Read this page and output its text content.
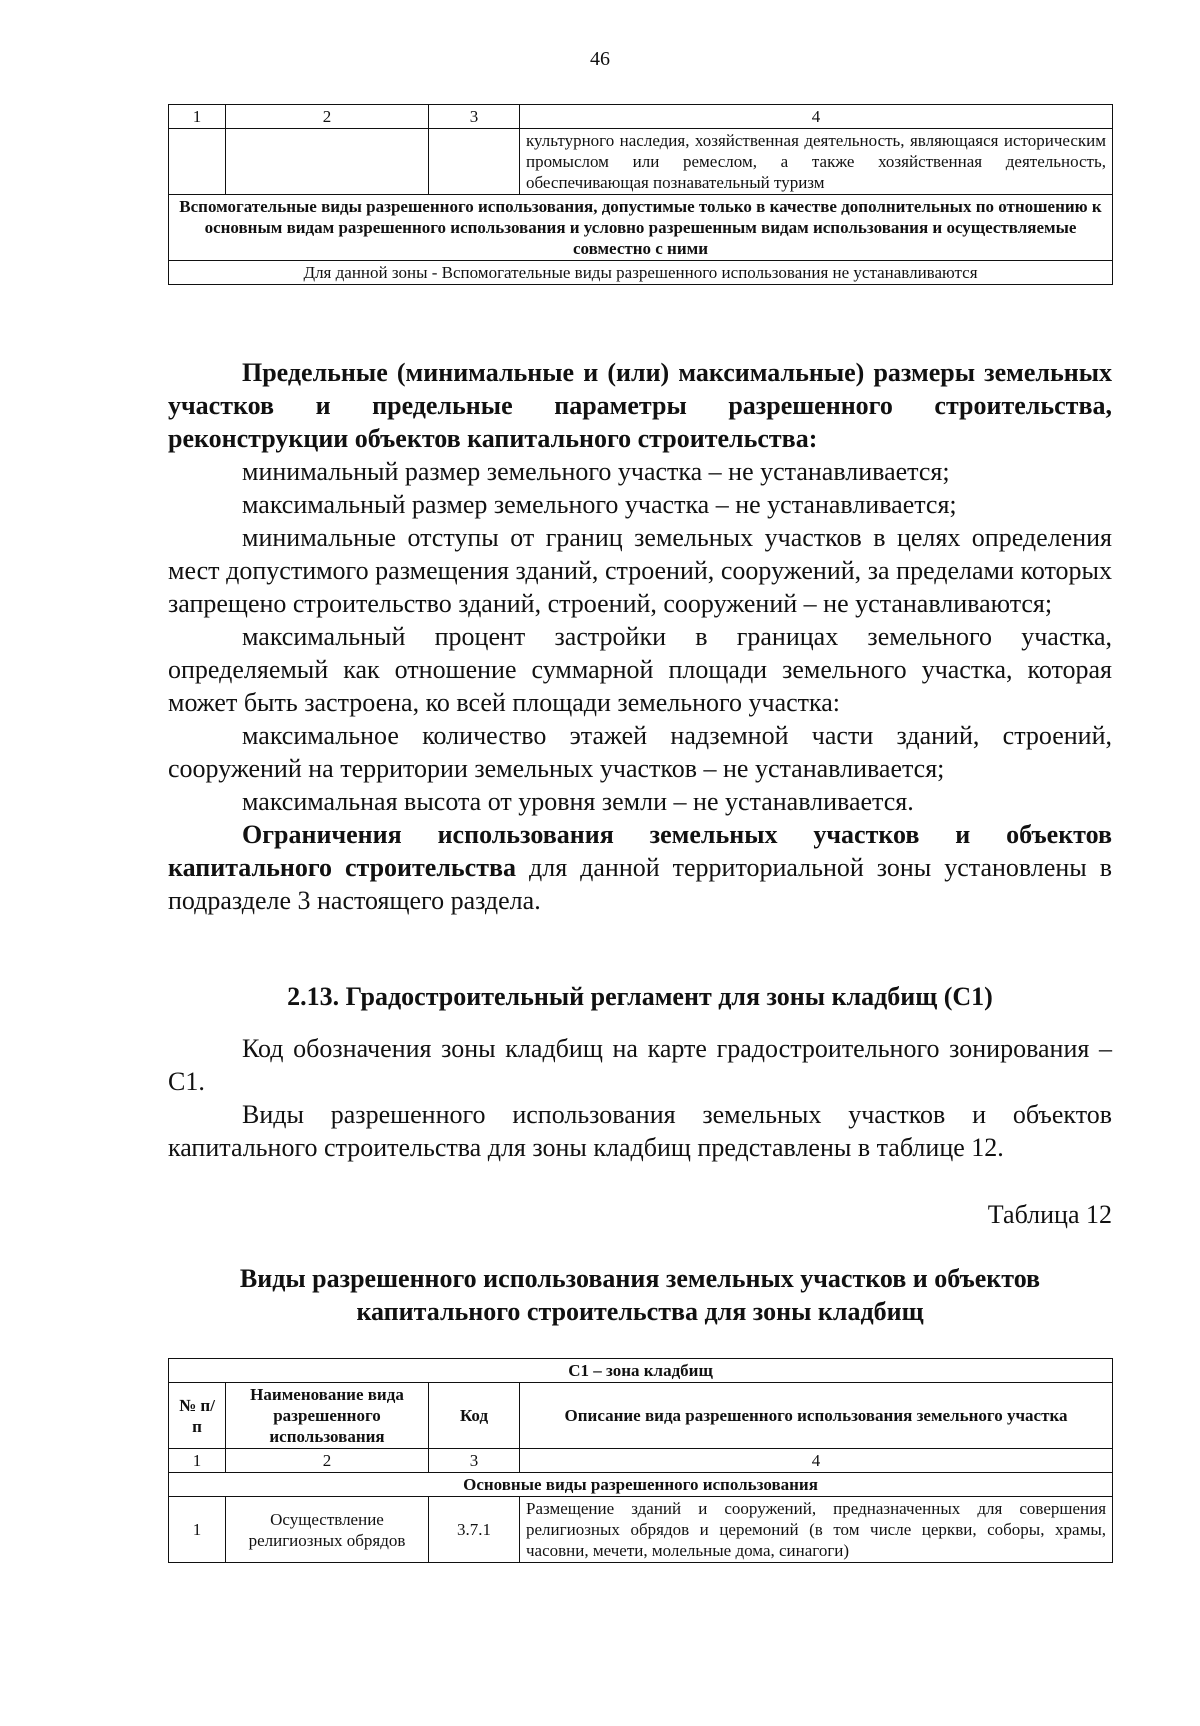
46
1	2	3	4
			культурного наследия, хозяйственная деятельность, являющаяся историческим промыслом или ремеслом, а также хозяйственная деятельность, обеспечивающая познавательный туризм
Вспомогательные виды разрешенного использования, допустимые только в качестве дополнительных по отношению к основным видам разрешенного использования и условно разрешенным видам использования и осуществляемые совместно с ними			
Для данной зоны - Вспомогательные виды разрешенного использования не устанавливаются			

Предельные (минимальные и (или) максимальные) размеры земельных участков и предельные параметры разрешенного строительства, реконструкции объектов капитального строительства:

минимальный размер земельного участка – не устанавливается;

максимальный размер земельного участка – не устанавливается;

минимальные отступы от границ земельных участков в целях определения мест допустимого размещения зданий, строений, сооружений, за пределами которых запрещено строительство зданий, строений, сооружений – не устанавливаются;

максимальный процент застройки в границах земельного участка, определяемый как отношение суммарной площади земельного участка, которая может быть застроена, ко всей площади земельного участка:

максимальное количество этажей надземной части зданий, строений, сооружений на территории земельных участков – не устанавливается;

максимальная высота от уровня земли – не устанавливается.

Ограничения использования земельных участков и объектов капитального строительства для данной территориальной зоны установлены в подразделе 3 настоящего раздела.

2.13. Градостроительный регламент для зоны кладбищ (С1)

Код обозначения зоны кладбищ на карте градостроительного зонирования – С1.

Виды разрешенного использования земельных участков и объектов капитального строительства для зоны кладбищ представлены в таблице 12.

Таблица 12

Виды разрешенного использования земельных участков и объектов капитального строительства для зоны кладбищ

С1 – зона кладбищ			
№ п/п	Наименование вида разрешенного использования	Код	Описание вида разрешенного использования земельного участка
1	2	3	4
Основные виды разрешенного использования			
1	Осуществление религиозных обрядов	3.7.1	Размещение зданий и сооружений, предназначенных для совершения религиозных обрядов и церемоний (в том числе церкви, соборы, храмы, часовни, мечети, молельные дома, синагоги)
